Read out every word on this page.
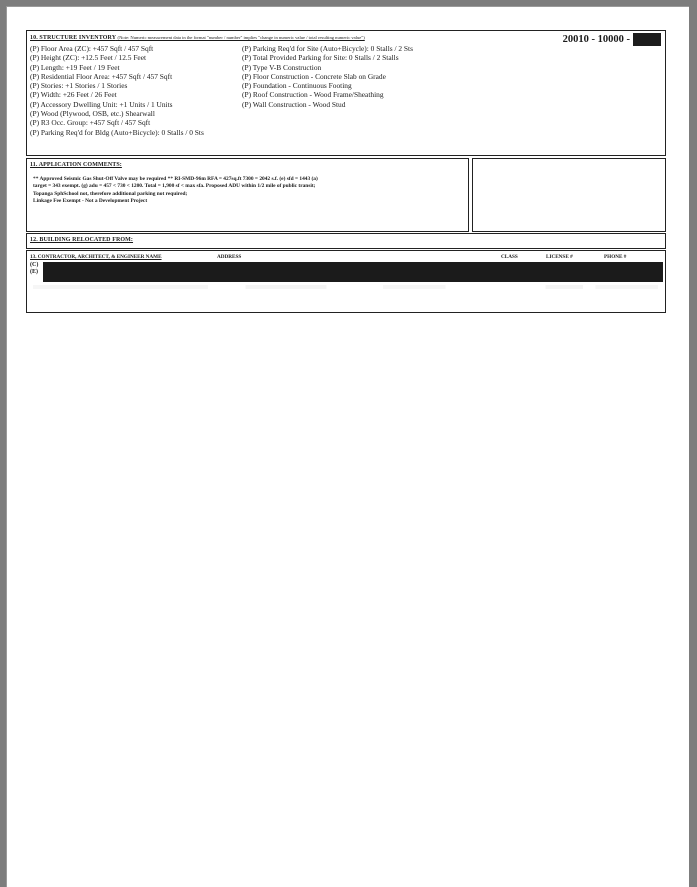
10. STRUCTURE INVENTORY (Note: Numeric measurement data in the format "number / number" implies "change in numeric value / total resulting numeric value")	20010 - 10000 -
(P) Floor Area (ZC): +457 Sqft / 457 Sqft
(P) Height (ZC): +12.5 Feet / 12.5 Feet
(P) Length: +19 Feet / 19 Feet
(P) Residential Floor Area: +457 Sqft / 457 Sqft
(P) Stories: +1 Stories / 1 Stories
(P) Width: +26 Feet / 26 Feet
(P) Accessory Dwelling Unit: +1 Units / 1 Units
(P) Wood (Plywood, OSB, etc.) Shearwall
(P) R3 Occ. Group: +457 Sqft / 457 Sqft
(P) Parking Req'd for Bldg (Auto+Bicycle): 0 Stalls / 0 Sts
(P) Parking Req'd for Site (Auto+Bicycle): 0 Stalls / 2 Sts
(P) Total Provided Parking for Site: 0 Stalls / 2 Stalls
(P) Type V-B Construction
(P) Floor Construction - Concrete Slab on Grade
(P) Foundation - Continuous Footing
(P) Roof Construction - Wood Frame/Sheathing
(P) Wall Construction - Wood Stud
11. APPLICATION COMMENTS:
** Approved Seismic Gas Shut-Off Valve may be required ** RI-SMD-96m RFA = 427sq.ft 7300 = 2042 s.f. (e) sfd = 1443 (a)
target = 343 exempt. (g) adu = 457 < 730 < 1200. Total = 1,900 sf < max sfa. Proposed ADU within 1/2 mile of public transit;
Topanga SphSchool not, therefore additional parking not required;
Linkage Fee Exempt - Not a Development Project
12. BUILDING RELOCATED FROM:
13. CONTRACTOR, ARCHITECT, & ENGINEER NAME	ADDRESS	CLASS	LICENSE #	PHONE #
(C)
(E)
